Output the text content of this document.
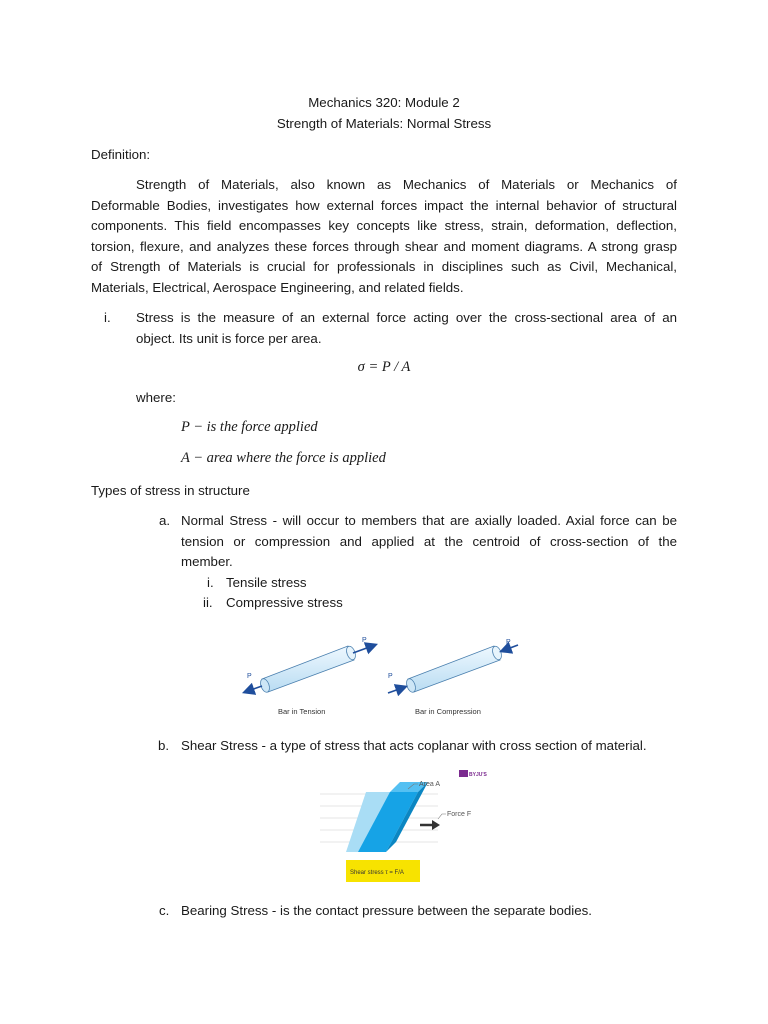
Mechanics 320: Module 2
Strength of Materials: Normal Stress
Definition:
Strength of Materials, also known as Mechanics of Materials or Mechanics of
Deformable Bodies, investigates how external forces impact the internal behavior of structural
components. This field encompasses key concepts like stress, strain, deformation, deflection,
torsion, flexure, and analyzes these forces through shear and moment diagrams. A strong grasp
of Strength of Materials is crucial for professionals in disciplines such as Civil, Mechanical,
Materials, Electrical, Aerospace Engineering, and related fields.
i. Stress is the measure of an external force acting over the cross-sectional area of an
object. Its unit is force per area.
σ = P / A
where:
P − is the force applied
A − area where the force is applied
Types of stress in structure
a. Normal Stress - will occur to members that are axially loaded. Axial force can be
tension or compression and applied at the centroid of cross-section of the
member.
i. Tensile stress
ii. Compressive stress
P
P
P
P
Bar in Tension	Bar in Compression
b. Shear Stress - a type of stress that acts coplanar with cross section of material.
Area A
Force F
BYJU'S
Shear stress τ = F/A
c. Bearing Stress - is the contact pressure between the separate bodies.
